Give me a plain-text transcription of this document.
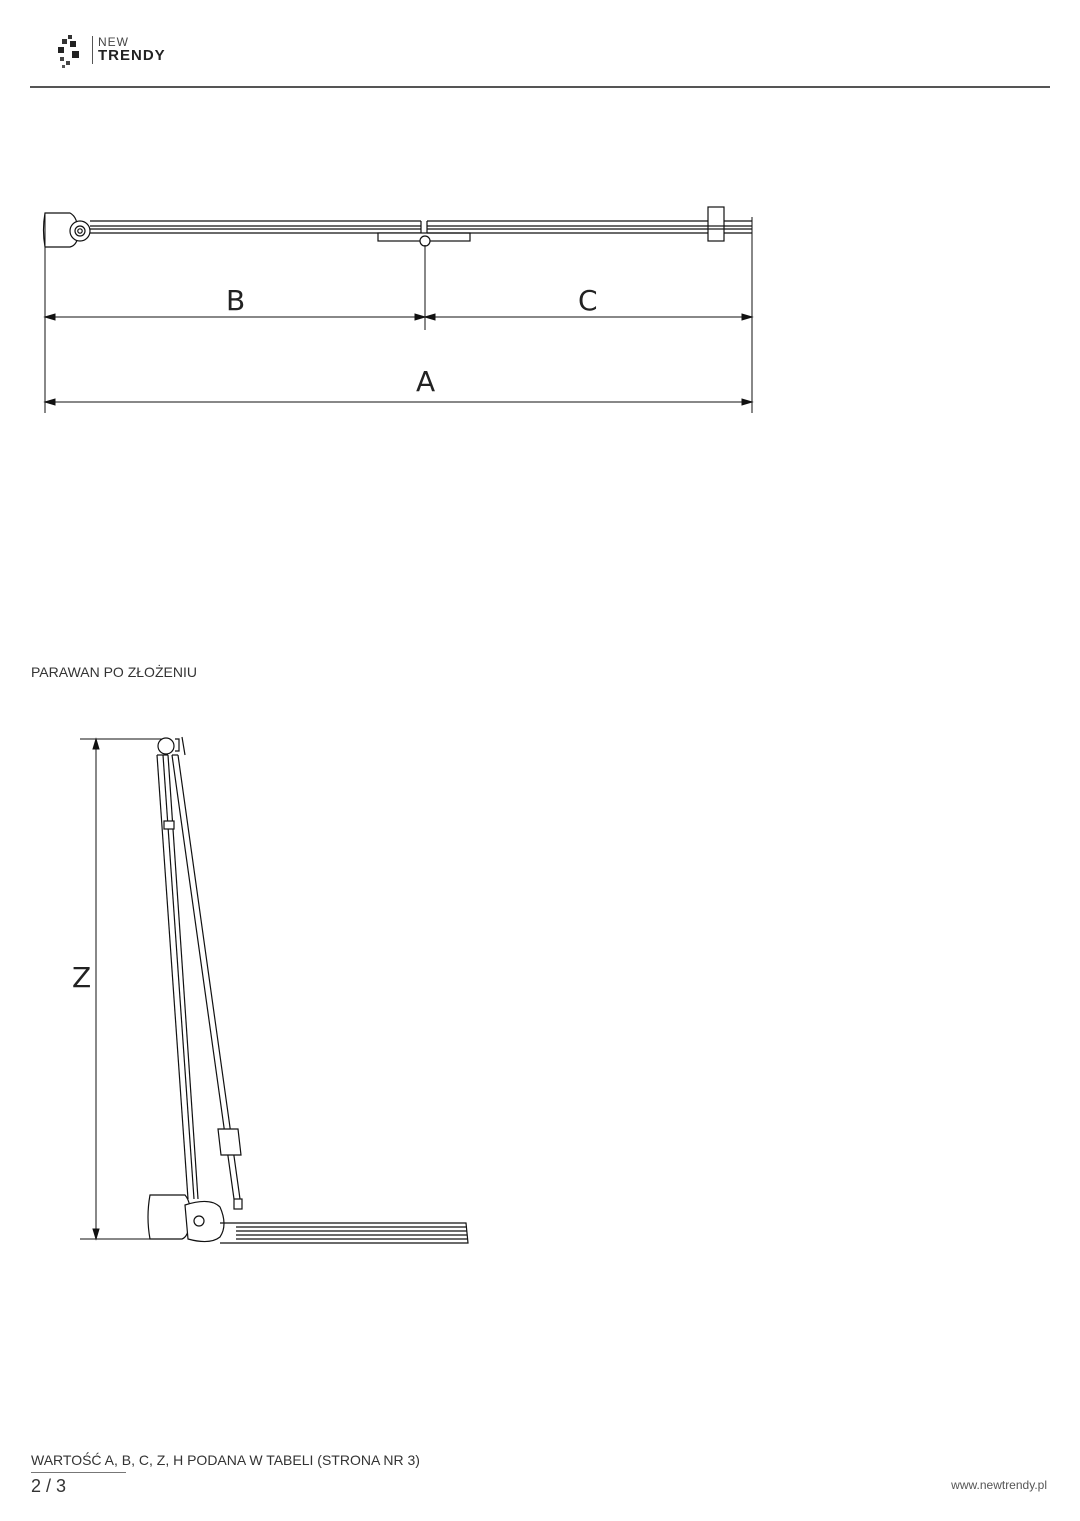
NEW
TRENDY
B	C
A
PARAWAN PO ZŁOŻENIU
Z
WARTOŚĆ A, B, C, Z, H PODANA W TABELI (STRONA NR 3)
2 / 3	www.newtrendy.pl
